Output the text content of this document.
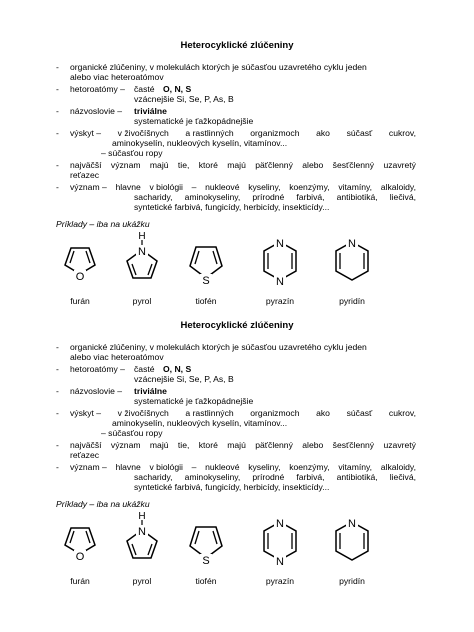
Heterocyklické zlúčeniny
- organické zlúčeniny, v molekulách ktorých je súčasťou uzavretého cyklu jeden
alebo viac heteroatómov
- hetoroatómy – časté O, N, S
vzácnejšie Si, Se, P, As, B
- názvoslovie – triviálne
systematické je ťažkopádnejšie
- výskyt – v živočíšnych a rastlinných organizmoch ako súčasť cukrov,
aminokyselín, nukleových kyselín, vitamínov...
– súčasťou ropy
- najväčší význam majú tie, ktoré majú päťčlenný alebo šesťčlenný uzavretý
reťazec
- význam – hlavne v biológii – nukleové kyseliny, koenzýmy, vitamíny, alkaloidy,
sacharidy, aminokyseliny, prírodné farbivá, antibiotiká, liečivá,
syntetické farbivá, fungicídy, herbicídy, insekticídy...
Príklady – iba na ukážku
O
N
H
S
N
N
N
furán	pyrol	tiofén	pyrazín	pyridín
Heterocyklické zlúčeniny
- organické zlúčeniny, v molekulách ktorých je súčasťou uzavretého cyklu jeden
alebo viac heteroatómov
- hetoroatómy – časté O, N, S
vzácnejšie Si, Se, P, As, B
- názvoslovie – triviálne
systematické je ťažkopádnejšie
- výskyt – v živočíšnych a rastlinných organizmoch ako súčasť cukrov,
aminokyselín, nukleových kyselín, vitamínov...
– súčasťou ropy
- najväčší význam majú tie, ktoré majú päťčlenný alebo šesťčlenný uzavretý
reťazec
- význam – hlavne v biológii – nukleové kyseliny, koenzýmy, vitamíny, alkaloidy,
sacharidy, aminokyseliny, prírodné farbivá, antibiotiká, liečivá,
syntetické farbivá, fungicídy, herbicídy, insekticídy...
Príklady – iba na ukážku
O
N
H
S
N
N
N
furán	pyrol	tiofén	pyrazín	pyridín
